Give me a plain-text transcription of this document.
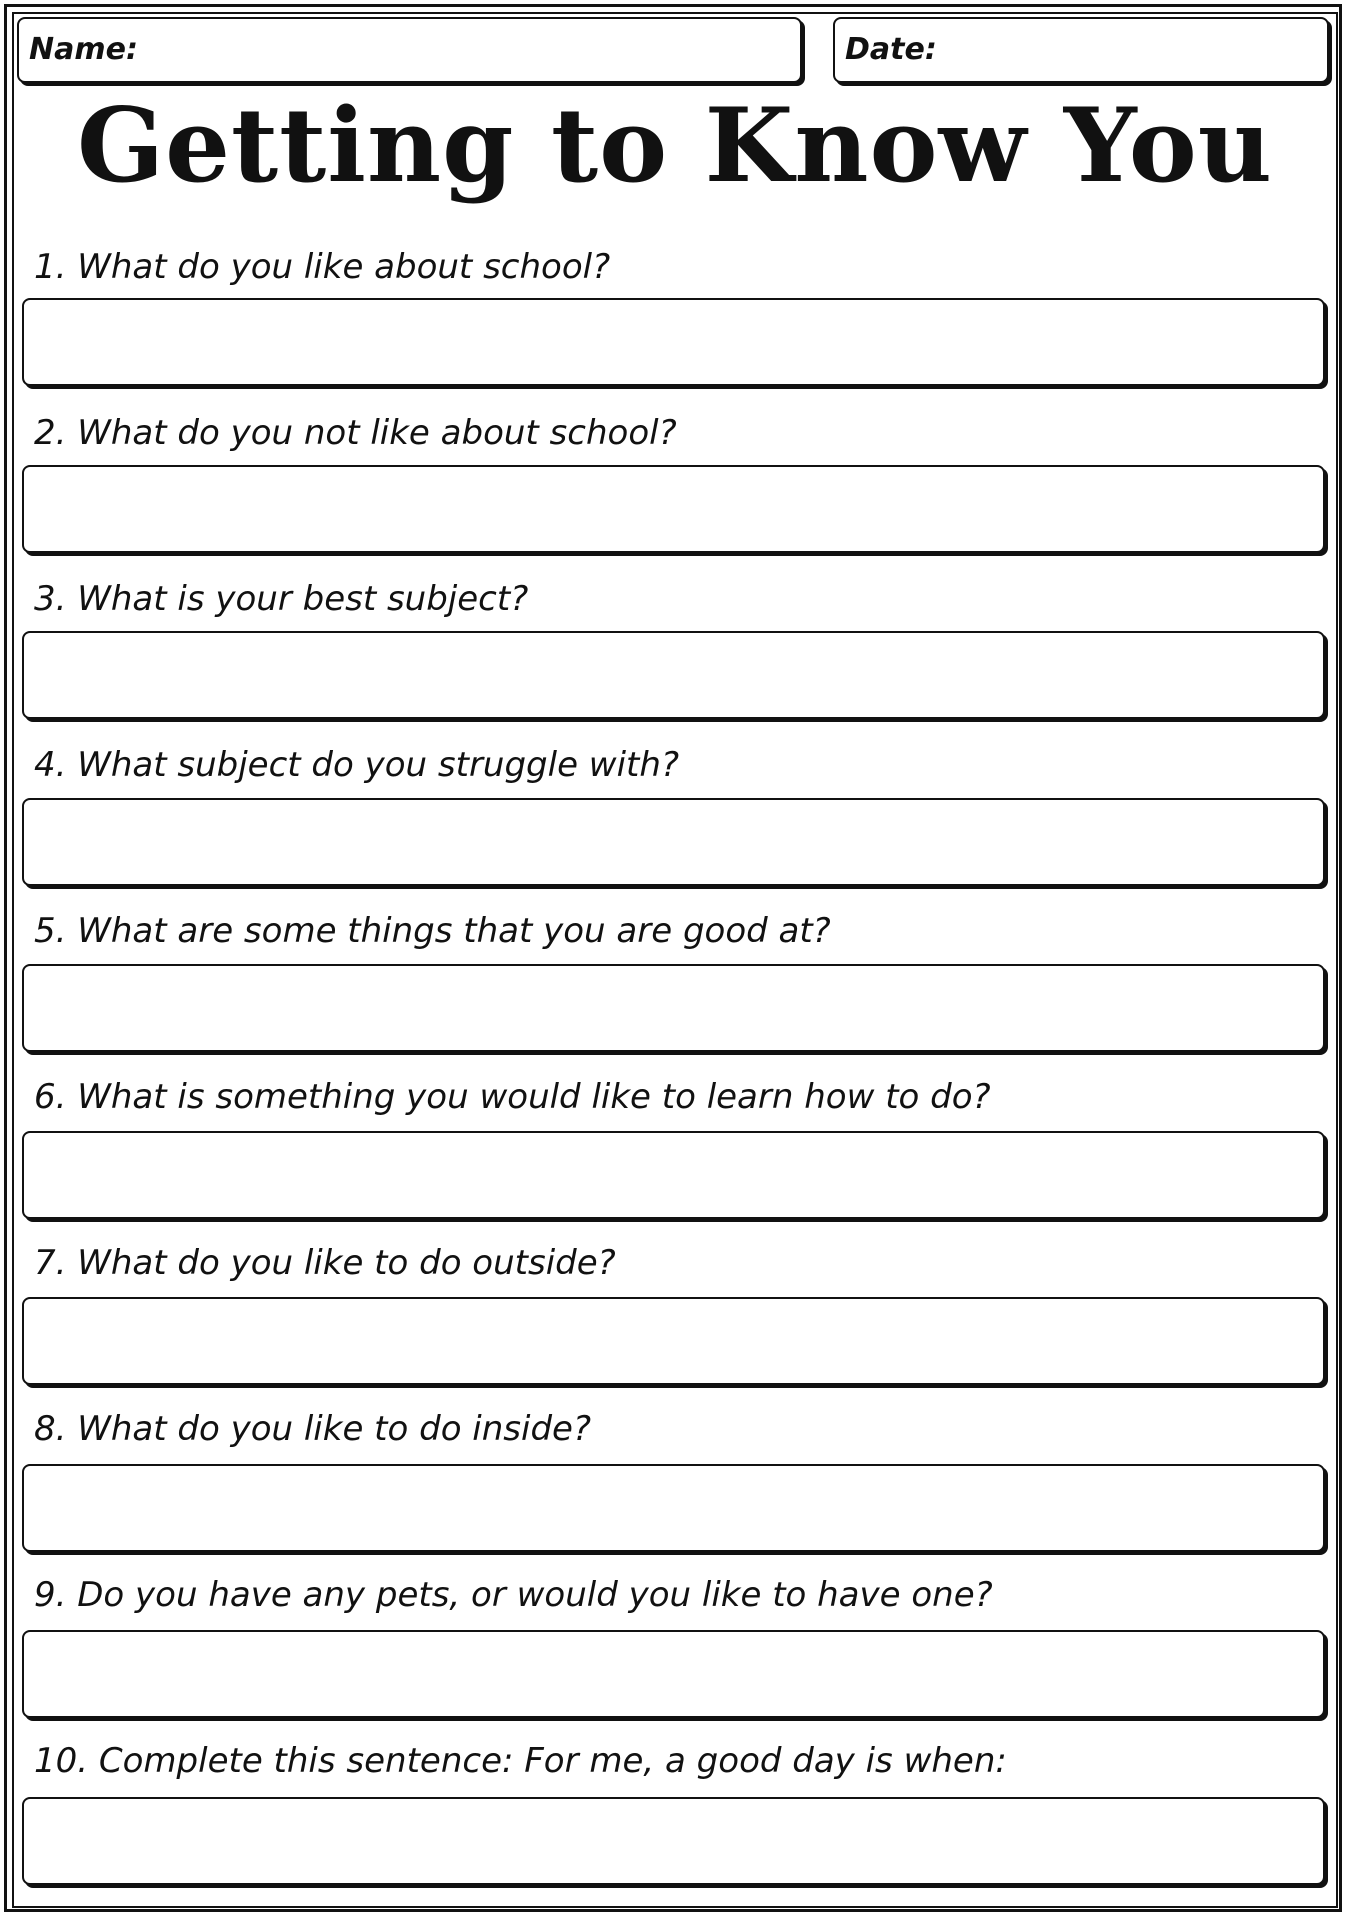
Name:	Date:
Getting to Know You
1. What do you like about school?
2. What do you not like about school?
3. What is your best subject?
4. What subject do you struggle with?
5. What are some things that you are good at?
6. What is something you would like to learn how to do?
7. What do you like to do outside?
8. What do you like to do inside?
9. Do you have any pets, or would you like to have one?
10. Complete this sentence: For me, a good day is when:
